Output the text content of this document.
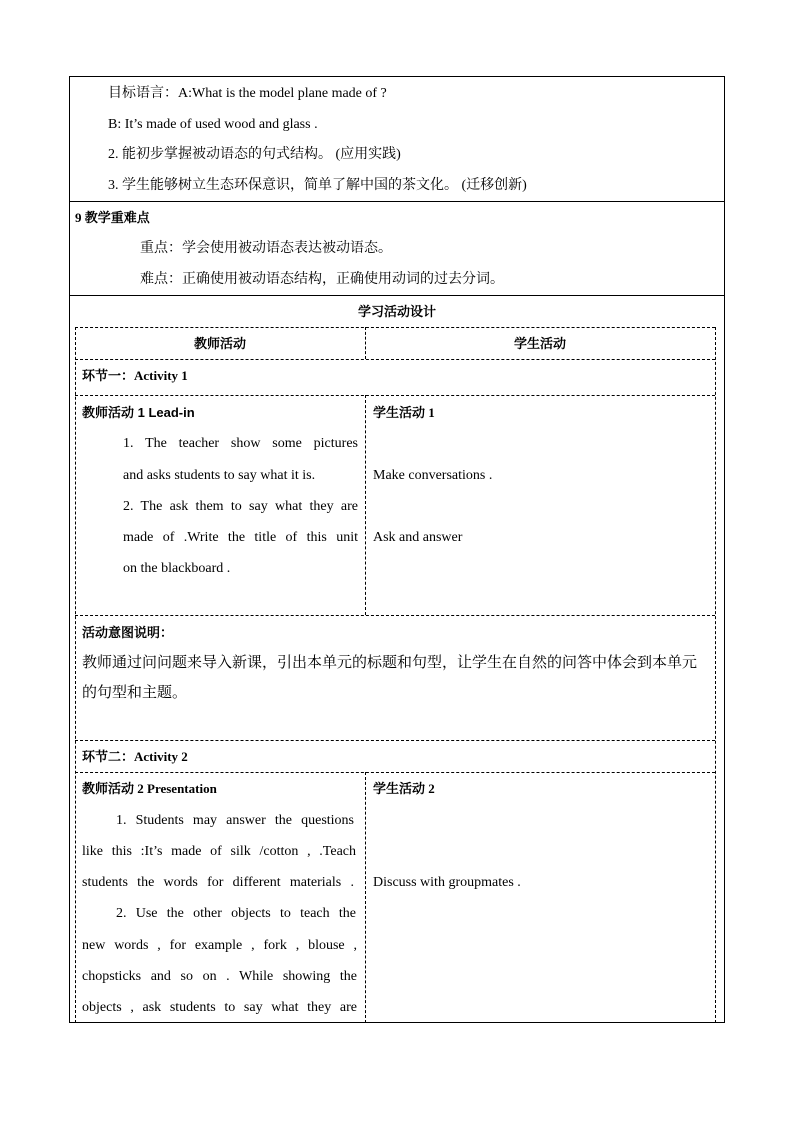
目标语言：A:What is the model plane made of ?
B: It’s made of used wood and glass .
2. 能初步掌握被动语态的句式结构。 (应用实践)
3. 学生能够树立生态环保意识，简单了解中国的茶文化。 (迁移创新)
9 教学重难点
重点：学会使用被动语态表达被动语态。
难点：正确使用被动语态结构，正确使用动词的过去分词。
学习活动设计
教师活动	学生活动
环节一：Activity 1
教师活动 1 Lead-in
1. The teacher show some pictures
and asks students to say what it is.
2. The ask them to say what they are
made of .Write the title of this unit
on the blackboard .
学生活动 1
Make conversations .
Ask and answer
活动意图说明：
教师通过问问题来导入新课，引出本单元的标题和句型，让学生在自然的问答中体会到本单元的句型和主题。
环节二：Activity 2
教师活动 2 Presentation
1. Students may answer the questions
like this :It’s made of silk /cotton , .Teach
students the words for different materials .
2. Use the other objects to teach the
new words , for example , fork , blouse ,
chopsticks and so on . While showing the
objects , ask students to say what they are
学生活动 2
Discuss with groupmates .
